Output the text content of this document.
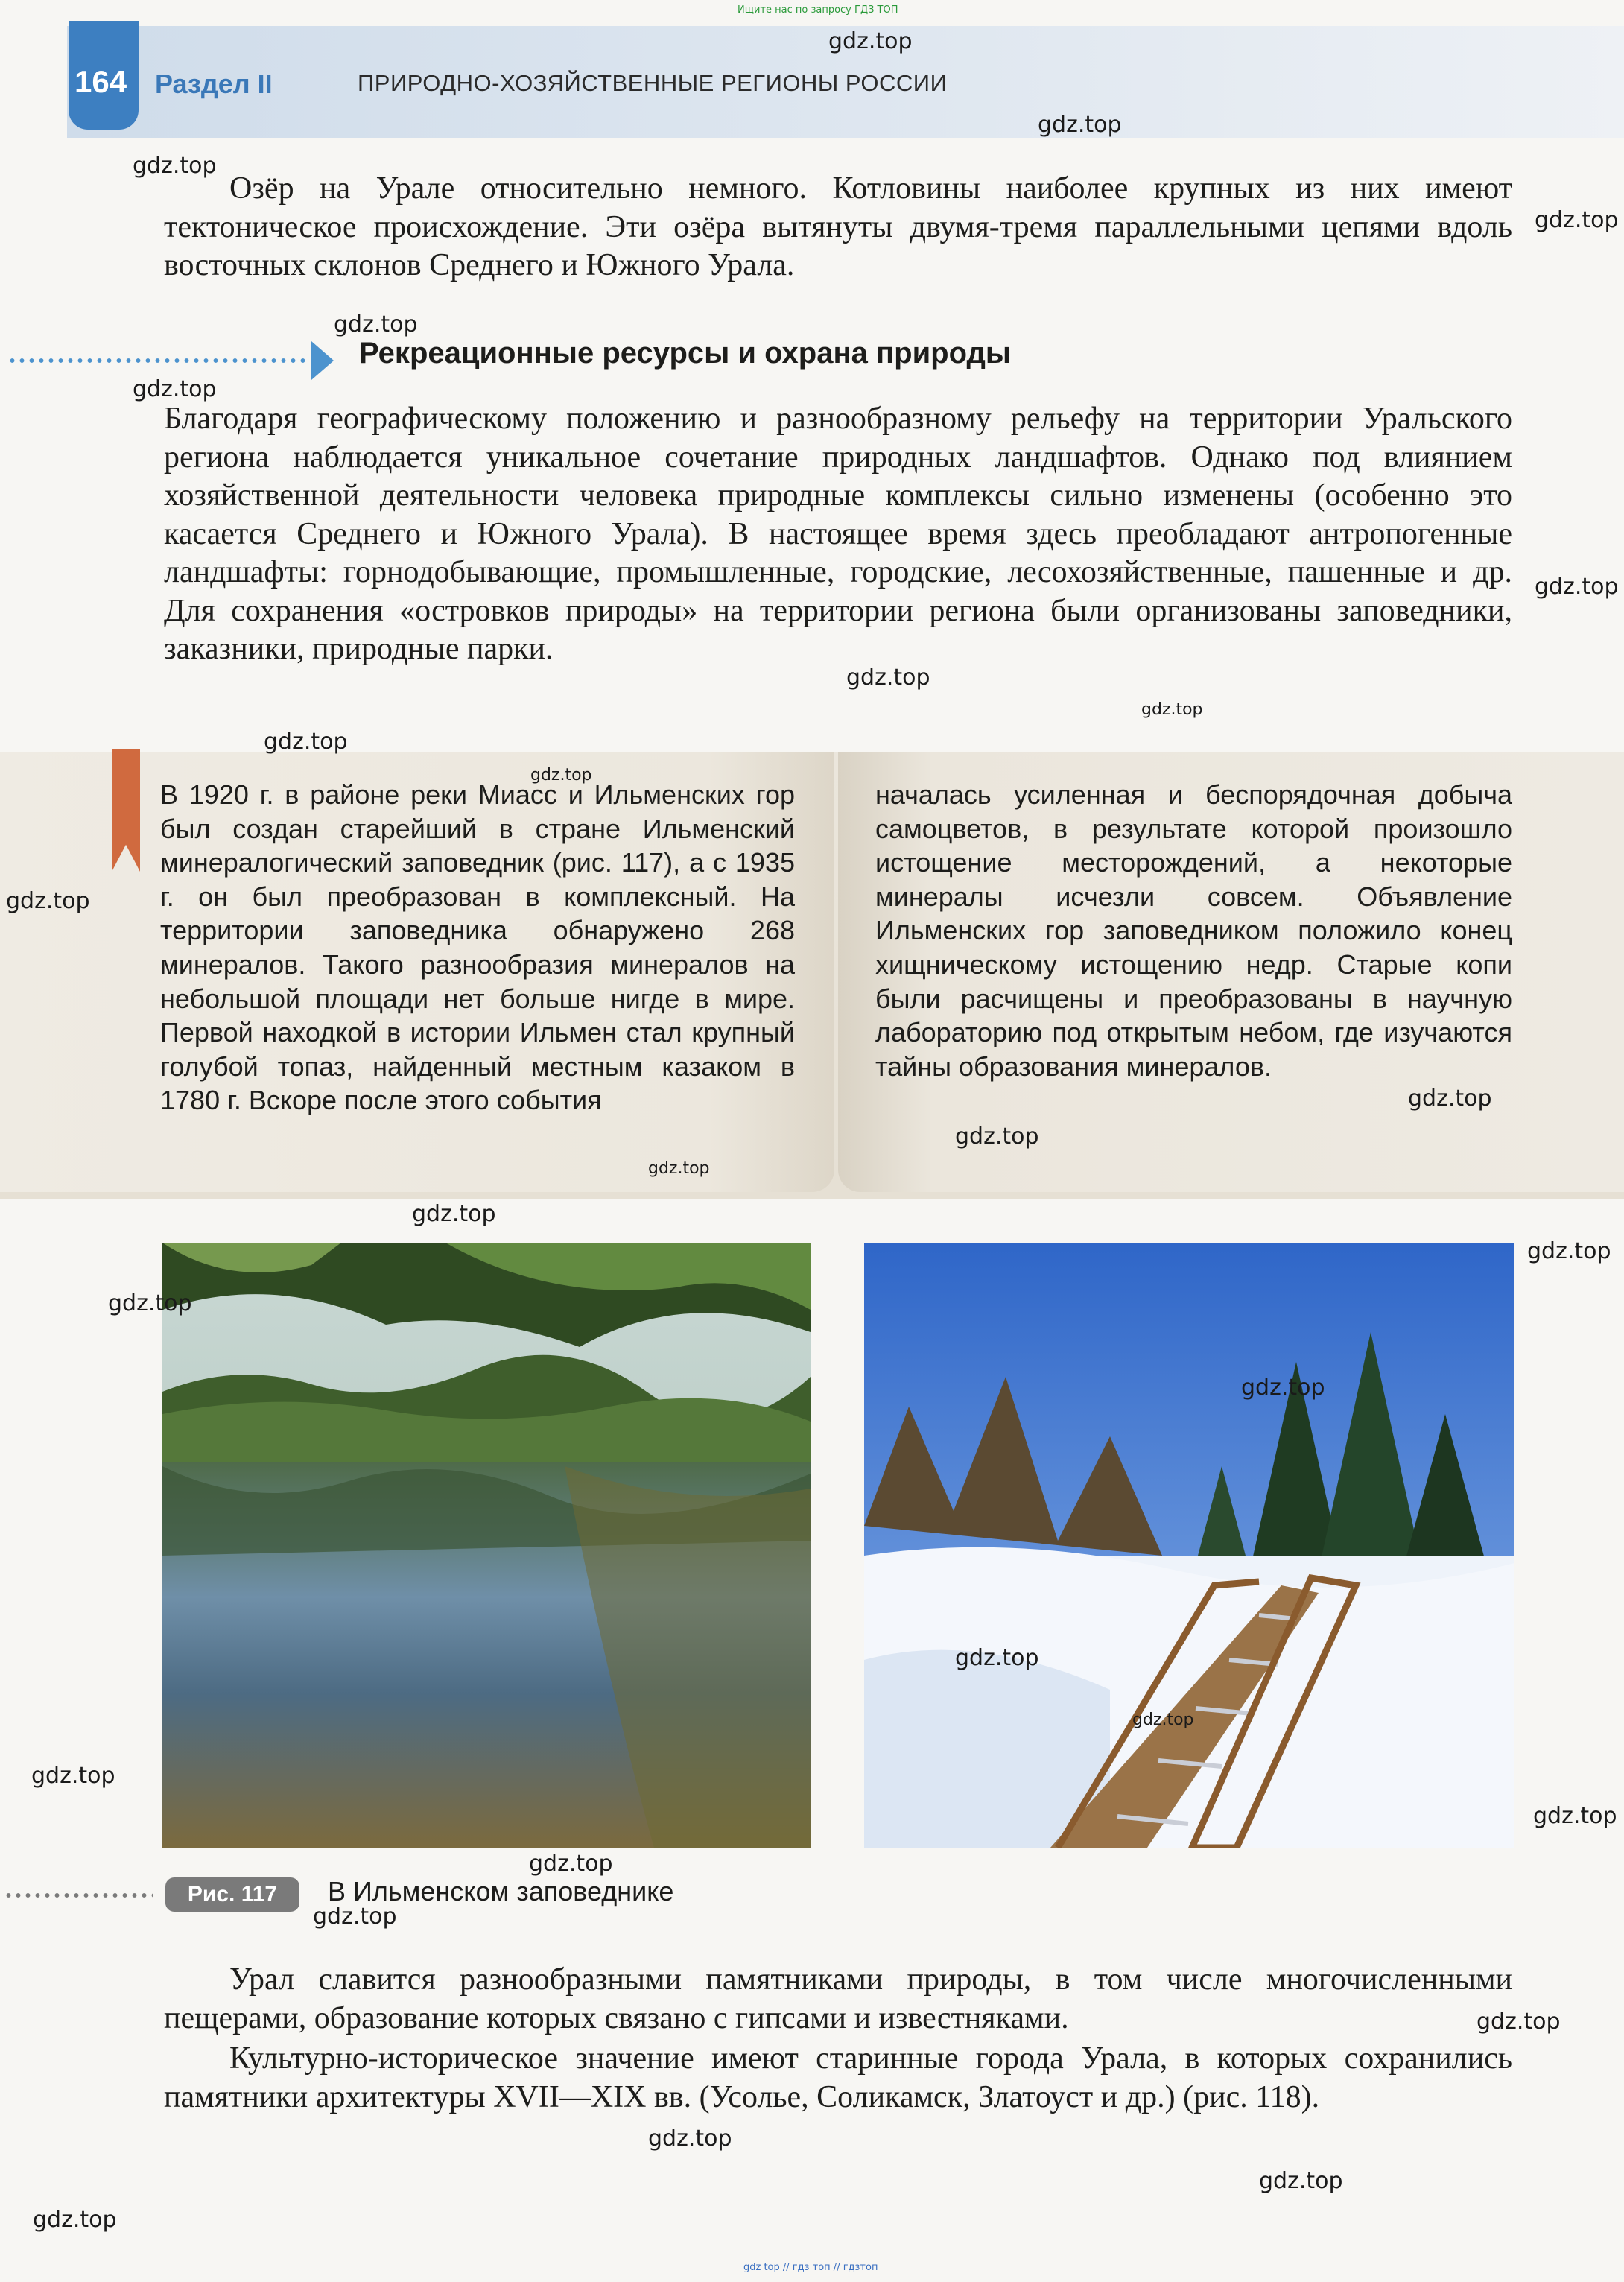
Ищите нас по запросу ГДЗ ТОП
164 Раздел II	ПРИРОДНО-ХОЗЯЙСТВЕННЫЕ РЕГИОНЫ РОССИИ

Озёр на Урале относительно немного. Котловины наиболее крупных из них имеют тектоническое происхождение. Эти озёра вытянуты двумя-тремя параллельными цепями вдоль восточных склонов Среднего и Южного Урала.

Рекреационные ресурсы и охрана природы

Благодаря географическому положению и разнообразному рельефу на территории Уральского региона наблюдается уникальное сочетание природных ландшафтов. Однако под влиянием хозяйственной деятельности человека природные комплексы сильно изменены (особенно это касается Среднего и Южного Урала). В настоящее время здесь преобладают антропогенные ландшафты: горнодобывающие, промышленные, городские, лесохозяйственные, пашенные и др. Для сохранения «островков природы» на территории региона были организованы заповедники, заказники, природные парки.

В 1920 г. в районе реки Миасс и Ильменских гор был создан старейший в стране Ильменский минералогический заповедник (рис. 117), а с 1935 г. он был преобразован в комплексный. На территории заповедника обнаружено 268 минералов. Такого разнообразия минералов на небольшой площади нет больше нигде в мире. Первой находкой в истории Ильмен стал крупный голубой топаз, найденный местным казаком в 1780 г. Вскоре после этого события

началась усиленная и беспорядочная добыча самоцветов, в результате которой произошло истощение месторождений, а некоторые минералы исчезли совсем. Объявление Ильменских гор заповедником положило конец хищническому истощению недр. Старые копи были расчищены и преобразованы в научную лабораторию под открытым небом, где изучаются тайны образования минералов.

Рис. 117	В Ильменском заповеднике

Урал славится разнообразными памятниками природы, в том числе многочисленными пещерами, образование которых связано с гипсами и известняками.

Культурно-историческое значение имеют старинные города Урала, в которых сохранились памятники архитектуры XVII—XIX вв. (Усолье, Соликамск, Златоуст и др.) (рис. 118).

gdz top // гдз топ // гдзтоп
gdz.top
gdz.top
gdz.top
gdz.top
gdz.top
gdz.top
gdz.top
gdz.top
gdz.top
gdz.top
gdz.top
gdz.top
gdz.top
gdz.top
gdz.top
gdz.top
gdz.top
gdz.top
gdz.top
gdz.top
gdz.top
gdz.top
gdz.top
gdz.top
gdz.top
gdz.top
gdz.top
gdz.top
gdz.top
